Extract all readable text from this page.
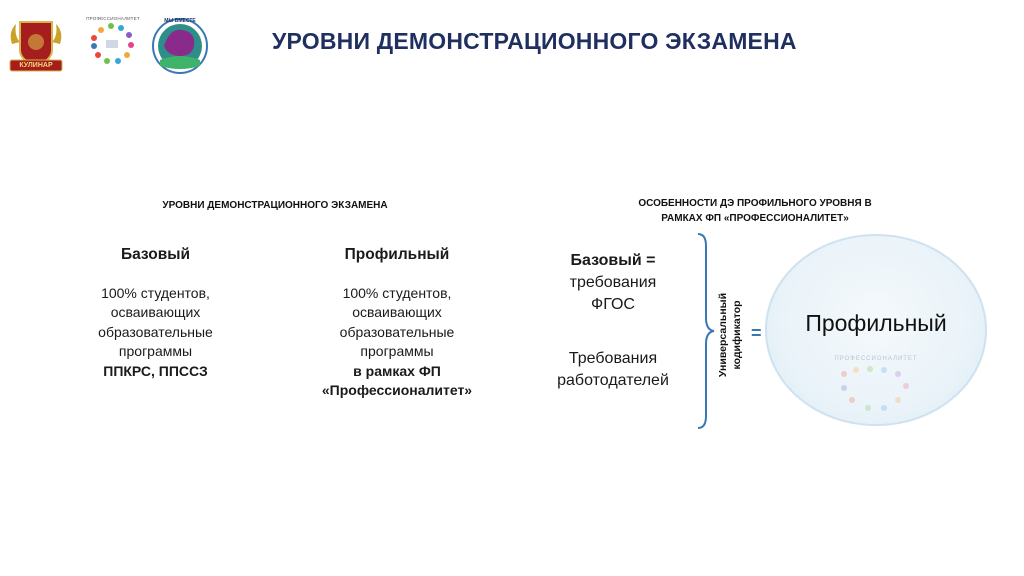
КУЛИНАР
ПРОФЕССИОНАЛИТЕТ	МЫ ВМЕСТЕ
УРОВНИ ДЕМОНСТРАЦИОННОГО ЭКЗАМЕНА
УРОВНИ ДЕМОНСТРАЦИОННОГО ЭКЗАМЕНА
Базовый
100% студентов,
осваивающих
образовательные
программы
ППКРС, ППССЗ
Профильный
100% студентов,
осваивающих
образовательные
программы
в рамках ФП
«Профессионалитет»
ОСОБЕННОСТИ ДЭ ПРОФИЛЬНОГО УРОВНЯ В
РАМКАХ ФП «ПРОФЕССИОНАЛИТЕТ»
Базовый =
требования
ФГОС
Требования
работодателей
Универсальный кодификатор =	Профильный
ПРОФЕССИОНАЛИТЕТ
